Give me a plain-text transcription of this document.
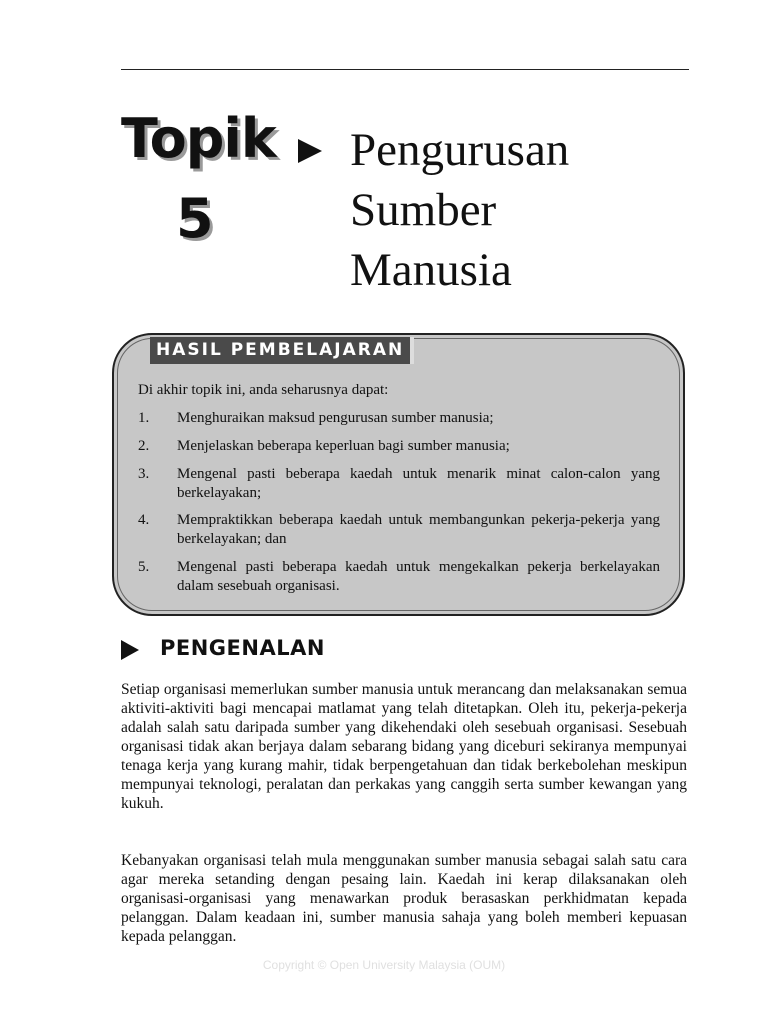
Topik
5
Pengurusan
Sumber
Manusia
HASIL PEMBELAJARAN
Di akhir topik ini, anda seharusnya dapat:
1. Menghuraikan maksud pengurusan sumber manusia;
2. Menjelaskan beberapa keperluan bagi sumber manusia;
3. Mengenal pasti beberapa kaedah untuk menarik minat calon-calon yang berkelayakan;
4. Mempraktikkan beberapa kaedah untuk membangunkan pekerja-pekerja yang berkelayakan; dan
5. Mengenal pasti beberapa kaedah untuk mengekalkan pekerja berkelayakan dalam sesebuah organisasi.
PENGENALAN
Setiap organisasi memerlukan sumber manusia untuk merancang dan melaksanakan semua aktiviti-aktiviti bagi mencapai matlamat yang telah ditetapkan. Oleh itu, pekerja-pekerja adalah salah satu daripada sumber yang dikehendaki oleh sesebuah organisasi. Sesebuah organisasi tidak akan berjaya dalam sebarang bidang yang diceburi sekiranya mempunyai tenaga kerja yang kurang mahir, tidak berpengetahuan dan tidak berkebolehan meskipun mempunyai teknologi, peralatan dan perkakas yang canggih serta sumber kewangan yang kukuh.
Kebanyakan organisasi telah mula menggunakan sumber manusia sebagai salah satu cara agar mereka setanding dengan pesaing lain. Kaedah ini kerap dilaksanakan oleh organisasi-organisasi yang menawarkan produk berasaskan perkhidmatan kepada pelanggan. Dalam keadaan ini, sumber manusia sahaja yang boleh memberi kepuasan kepada pelanggan.
Copyright © Open University Malaysia (OUM)
